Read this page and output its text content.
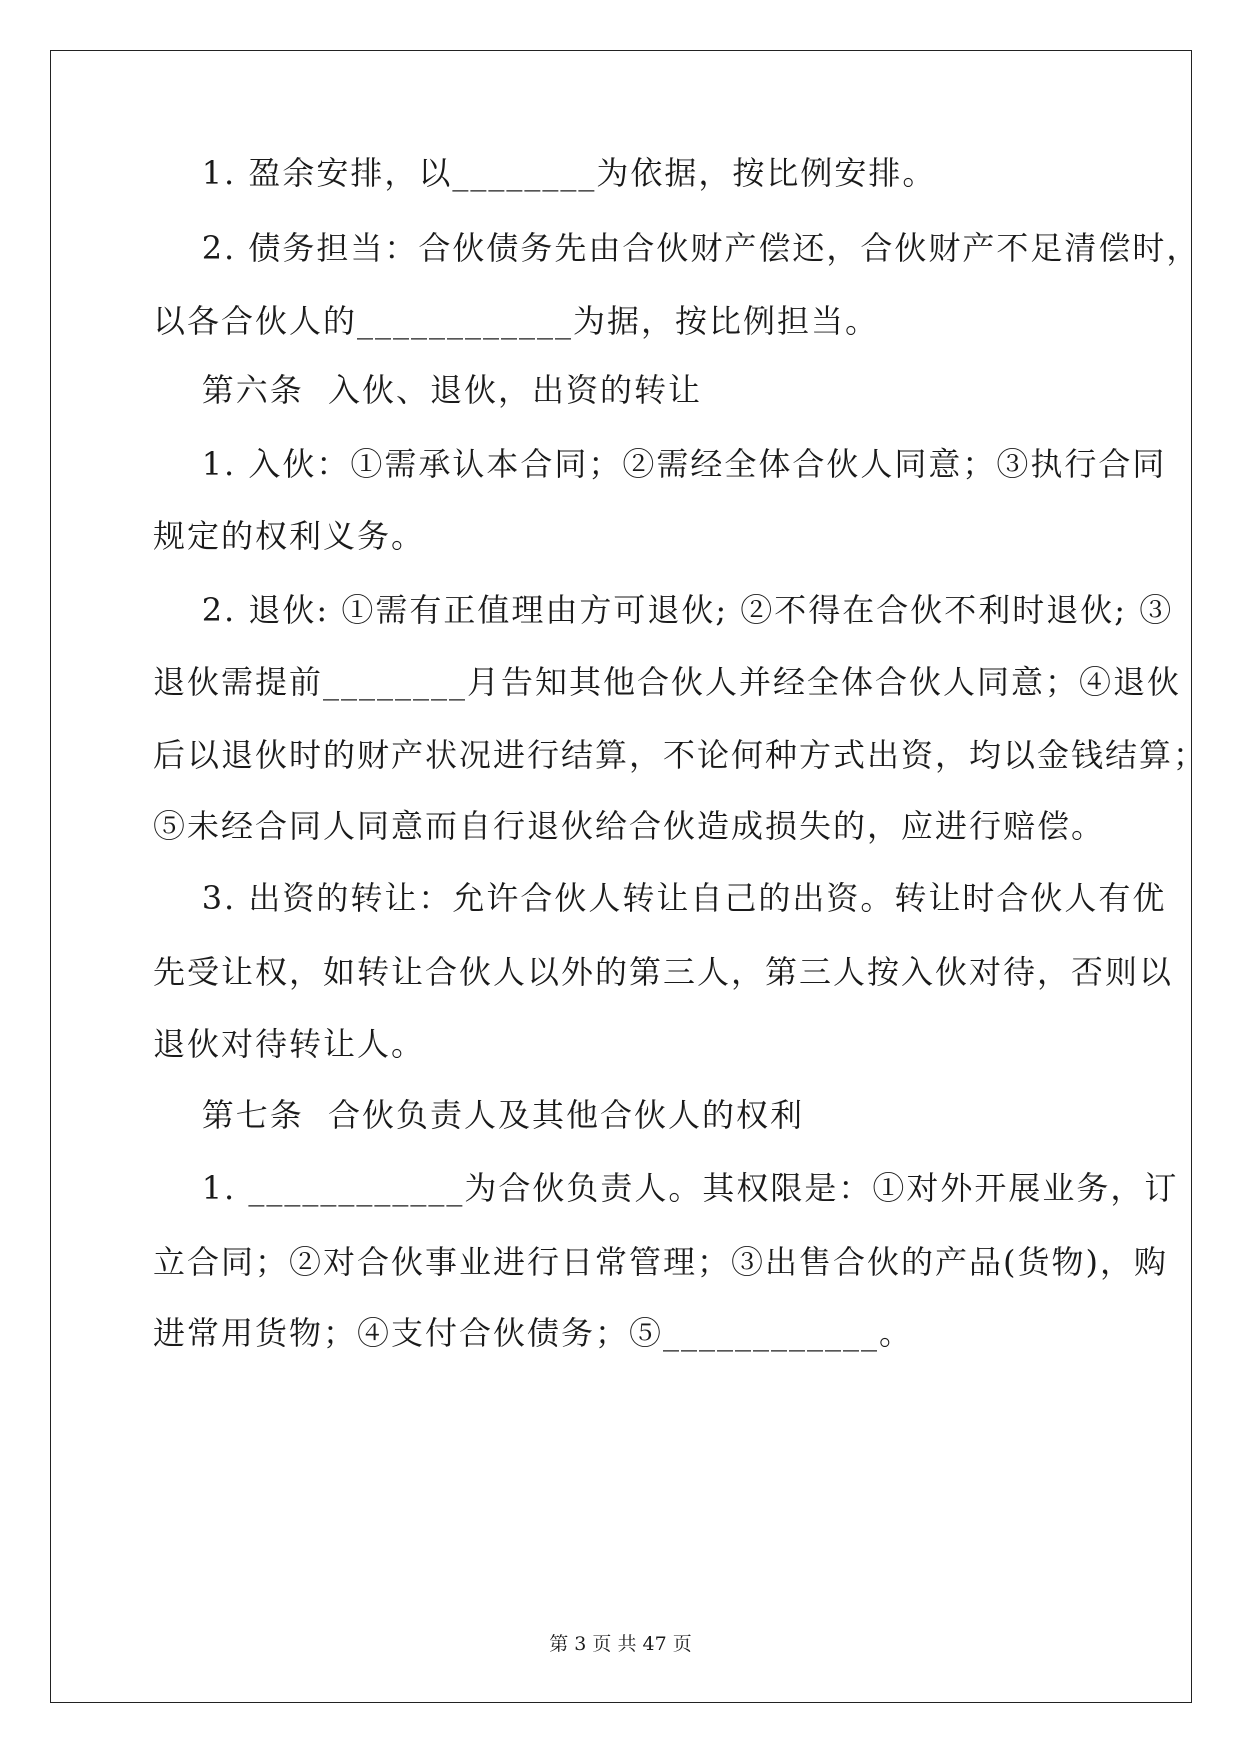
1. 盈余安排，以________为依据，按比例安排。
2. 债务担当：合伙债务先由合伙财产偿还，合伙财产不足清偿时，
以各合伙人的____________为据，按比例担当。
第六条  入伙、退伙，出资的转让
1. 入伙：①需承认本合同；②需经全体合伙人同意；③执行合同
规定的权利义务。
2. 退伙: ①需有正值理由方可退伙; ②不得在合伙不利时退伙; ③
退伙需提前________月告知其他合伙人并经全体合伙人同意；④退伙
后以退伙时的财产状况进行结算，不论何种方式出资，均以金钱结算；
⑤未经合同人同意而自行退伙给合伙造成损失的，应进行赔偿。
3. 出资的转让：允许合伙人转让自己的出资。转让时合伙人有优
先受让权，如转让合伙人以外的第三人，第三人按入伙对待，否则以
退伙对待转让人。
第七条  合伙负责人及其他合伙人的权利
1. ____________为合伙负责人。其权限是：①对外开展业务，订
立合同；②对合伙事业进行日常管理；③出售合伙的产品(货物)，购
进常用货物；④支付合伙债务；⑤____________。
第 3 页 共 47 页
